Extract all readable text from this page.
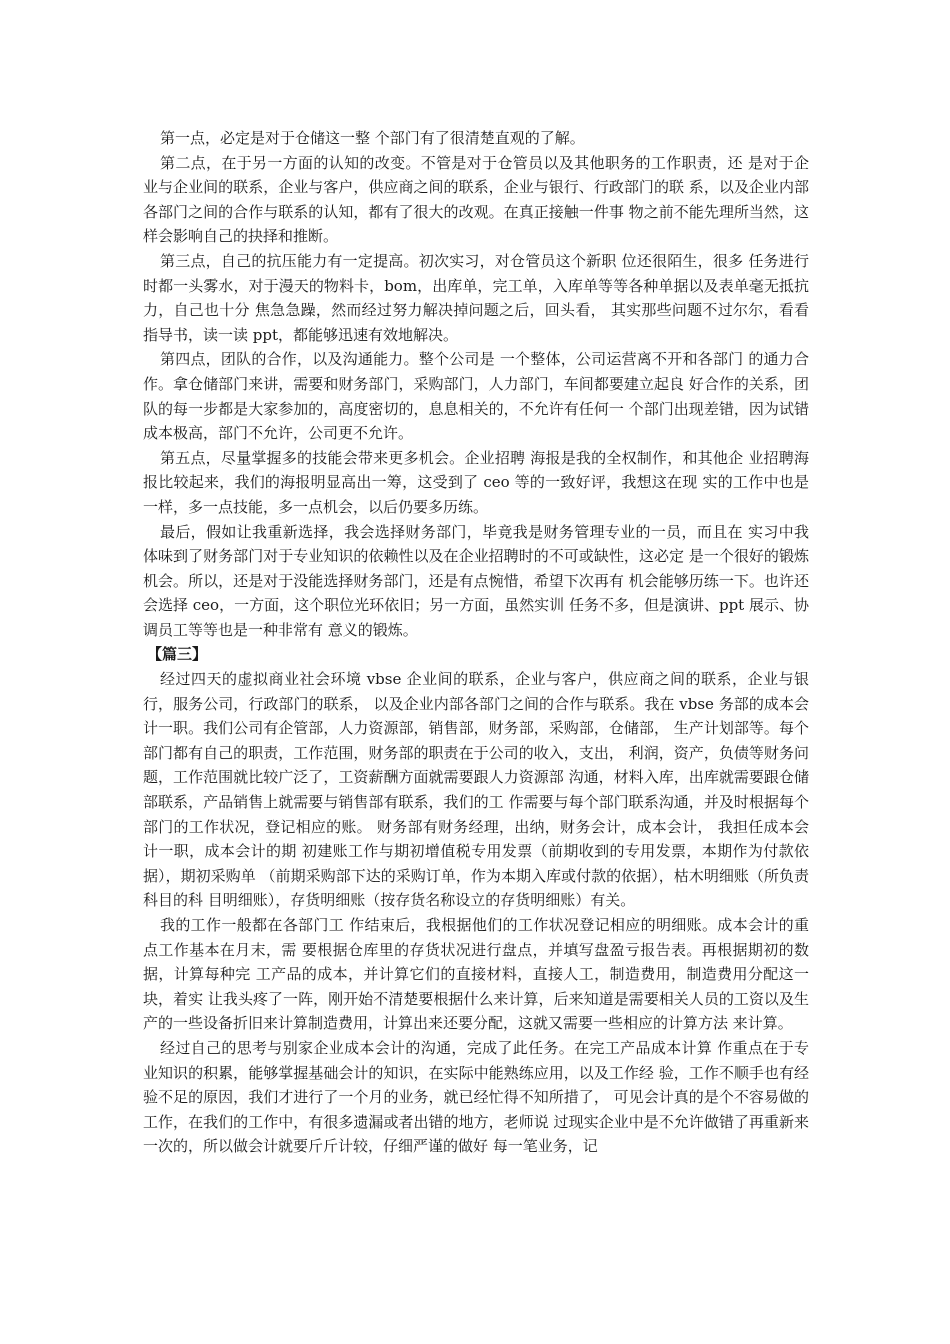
第一点，必定是对于仓储这一整 个部门有了很清楚直观的了解。

第二点，在于另一方面的认知的改变。不管是对于仓管员以及其他职务的工作职责，还 是对于企业与企业间的联系，企业与客户，供应商之间的联系，企业与银行、行政部门的联 系，以及企业内部各部门之间的合作与联系的认知，都有了很大的改观。在真正接触一件事 物之前不能先理所当然，这样会影响自己的抉择和推断。

第三点，自己的抗压能力有一定提高。初次实习，对仓管员这个新职 位还很陌生，很多 任务进行时都一头雾水，对于漫天的物料卡，bom，出库单，完工单，入库单等等各种单据以及表单毫无抵抗力，自己也十分 焦急急躁，然而经过努力解决掉问题之后，回头看， 其实那些问题不过尔尔，看看指导书，读一读 ppt，都能够迅速有效地解决。

第四点，团队的合作，以及沟通能力。整个公司是 一个整体，公司运营离不开和各部门 的通力合作。拿仓储部门来讲，需要和财务部门，采购部门，人力部门，车间都要建立起良 好合作的关系，团队的每一步都是大家参加的，高度密切的，息息相关的，不允许有任何一 个部门出现差错，因为试错成本极高，部门不允许，公司更不允许。

第五点，尽量掌握多的技能会带来更多机会。企业招聘 海报是我的全权制作，和其他企 业招聘海报比较起来，我们的海报明显高出一筹，这受到了 ceo 等的一致好评，我想这在现 实的工作中也是一样，多一点技能，多一点机会，以后仍要多历练。

最后，假如让我重新选择，我会选择财务部门，毕竟我是财务管理专业的一员，而且在 实习中我体味到了财务部门对于专业知识的依赖性以及在企业招聘时的不可或缺性，这必定 是一个很好的锻炼机会。所以，还是对于没能选择财务部门，还是有点惋惜，希望下次再有 机会能够历练一下。也许还会选择 ceo，一方面，这个职位光环依旧；另一方面，虽然实训 任务不多，但是演讲、ppt 展示、协调员工等等也是一种非常有 意义的锻炼。

【篇三】

经过四天的虚拟商业社会环境 vbse 企业间的联系，企业与客户，供应商之间的联系，企业与银行，服务公司，行政部门的联系， 以及企业内部各部门之间的合作与联系。我在 vbse 务部的成本会计一职。我们公司有企管部，人力资源部，销售部，财务部，采购部，仓储部， 生产计划部等。每个部门都有自己的职责，工作范围，财务部的职责在于公司的收入，支出， 利润，资产，负债等财务问题，工作范围就比较广泛了，工资薪酬方面就需要跟人力资源部 沟通，材料入库，出库就需要跟仓储部联系，产品销售上就需要与销售部有联系，我们的工 作需要与每个部门联系沟通，并及时根据每个部门的工作状况，登记相应的账。 财务部有财务经理，出纳，财务会计，成本会计， 我担任成本会计一职，成本会计的期 初建账工作与期初增值税专用发票（前期收到的专用发票，本期作为付款依据），期初采购单 （前期采购部下达的采购订单，作为本期入库或付款的依据），枯木明细账（所负责科目的科 目明细账），存货明细账（按存货名称设立的存货明细账）有关。

我的工作一般都在各部门工 作结束后，我根据他们的工作状况登记相应的明细账。成本会计的重点工作基本在月末，需 要根据仓库里的存货状况进行盘点，并填写盘盈亏报告表。再根据期初的数据，计算每种完 工产品的成本，并计算它们的直接材料，直接人工，制造费用，制造费用分配这一块，着实 让我头疼了一阵，刚开始不清楚要根据什么来计算，后来知道是需要相关人员的工资以及生 产的一些设备折旧来计算制造费用，计算出来还要分配，这就又需要一些相应的计算方法 来计算。

经过自己的思考与别家企业成本会计的沟通，完成了此任务。在完工产品成本计算 作重点在于专业知识的积累，能够掌握基础会计的知识，在实际中能熟练应用，以及工作经 验，工作不顺手也有经验不足的原因，我们才进行了一个月的业务，就已经忙得不知所措了， 可见会计真的是个不容易做的工作，在我们的工作中，有很多遗漏或者出错的地方，老师说 过现实企业中是不允许做错了再重新来一次的，所以做会计就要斤斤计较，仔细严谨的做好 每一笔业务，记
